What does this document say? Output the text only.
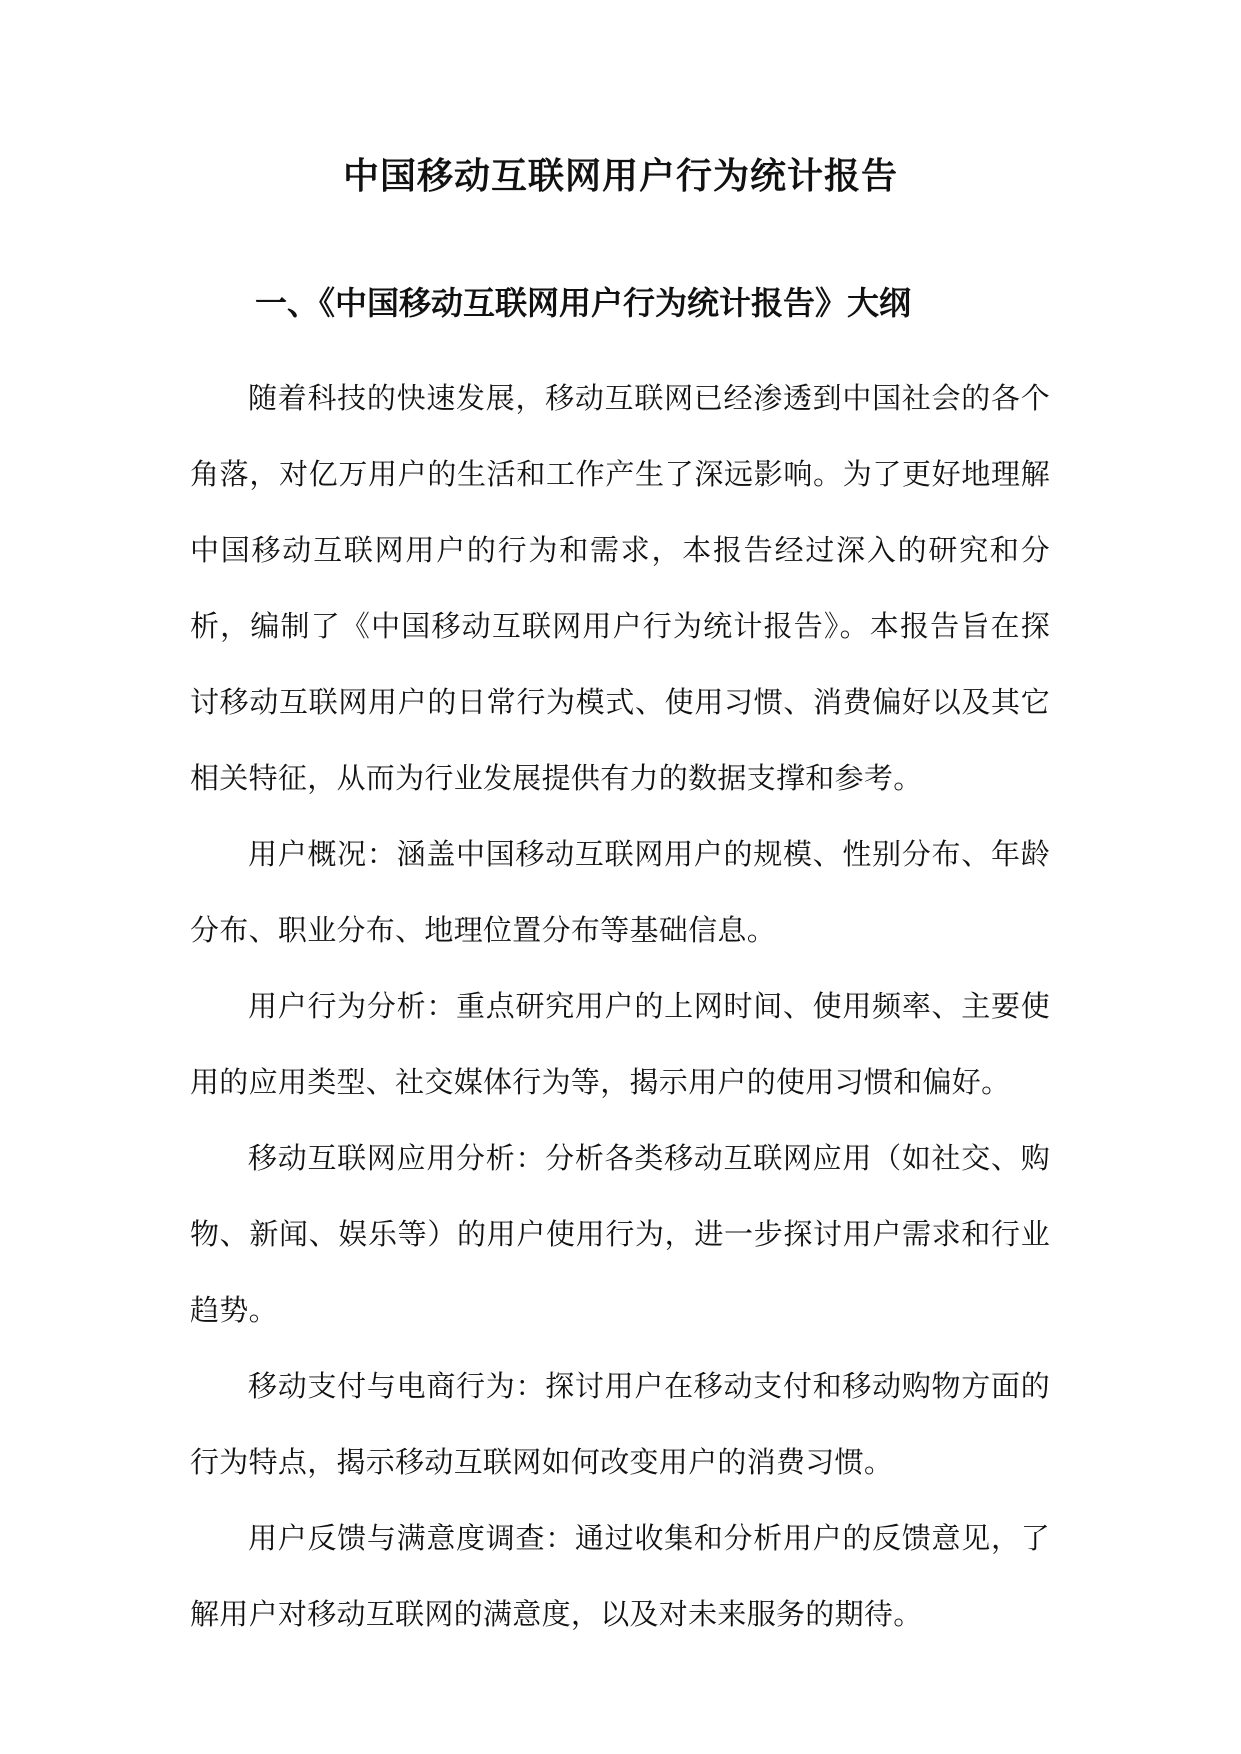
中国移动互联网用户行为统计报告
一、《中国移动互联网用户行为统计报告》大纲

随着科技的快速发展，移动互联网已经渗透到中国社会的各个角落，对亿万用户的生活和工作产生了深远影响。为了更好地理解中国移动互联网用户的行为和需求，本报告经过深入的研究和分析，编制了《中国移动互联网用户行为统计报告》。本报告旨在探讨移动互联网用户的日常行为模式、使用习惯、消费偏好以及其它相关特征，从而为行业发展提供有力的数据支撑和参考。

用户概况：涵盖中国移动互联网用户的规模、性别分布、年龄分布、职业分布、地理位置分布等基础信息。

用户行为分析：重点研究用户的上网时间、使用频率、主要使用的应用类型、社交媒体行为等，揭示用户的使用习惯和偏好。

移动互联网应用分析：分析各类移动互联网应用（如社交、购物、新闻、娱乐等）的用户使用行为，进一步探讨用户需求和行业趋势。

移动支付与电商行为：探讨用户在移动支付和移动购物方面的行为特点，揭示移动互联网如何改变用户的消费习惯。

用户反馈与满意度调查：通过收集和分析用户的反馈意见，了解用户对移动互联网的满意度，以及对未来服务的期待。
